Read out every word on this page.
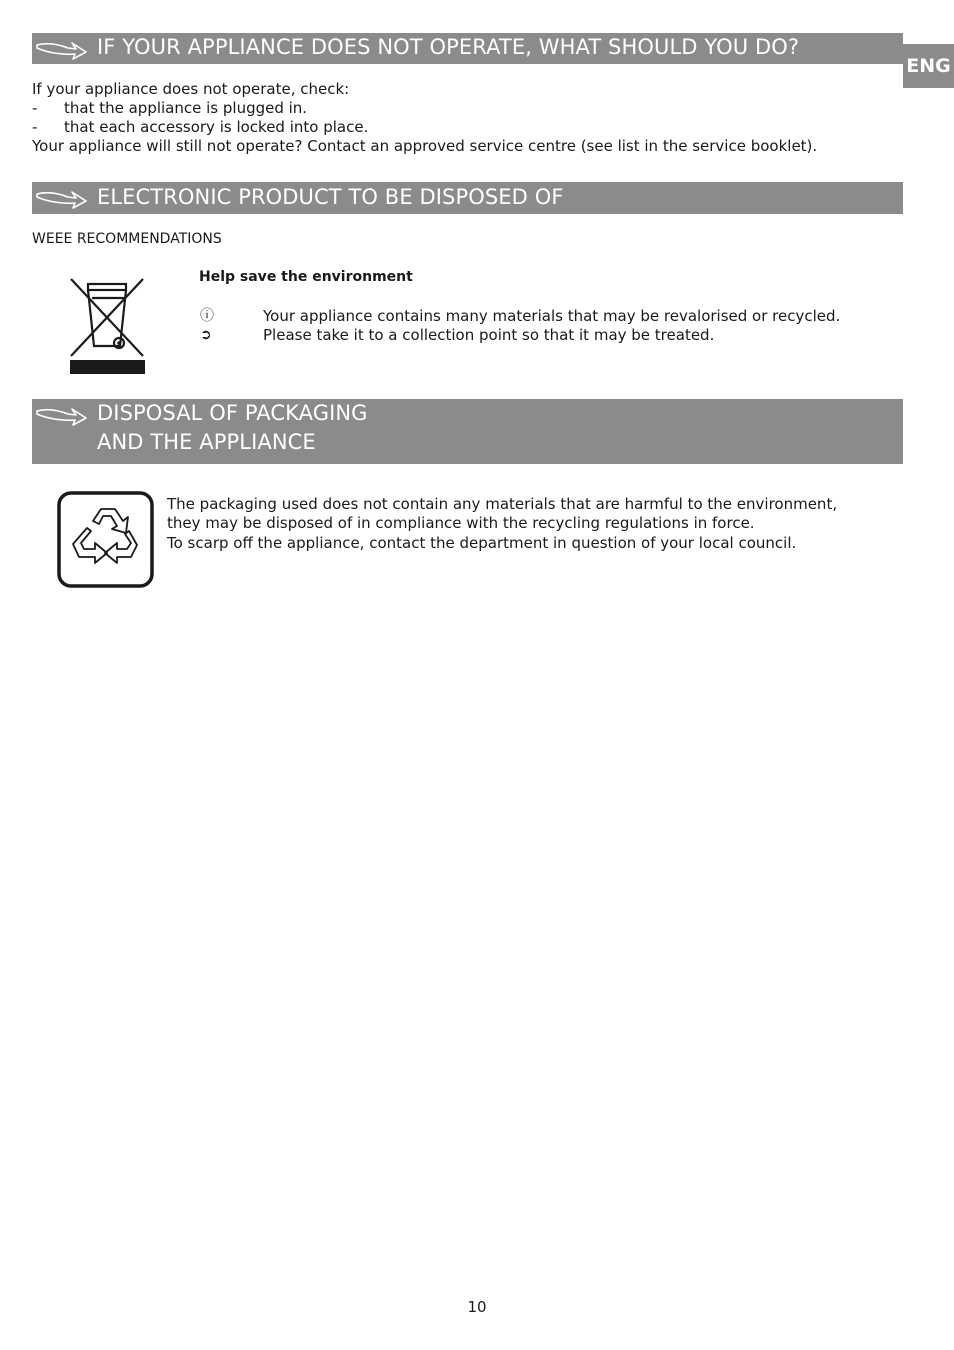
IF YOUR APPLIANCE DOES NOT OPERATE, WHAT SHOULD YOU DO?
ENG
If your appliance does not operate, check:
- that the appliance is plugged in.
- that each accessory is locked into place.
Your appliance will still not operate? Contact an approved service centre (see list in the service booklet).
ELECTRONIC PRODUCT TO BE DISPOSED OF
WEEE RECOMMENDATIONS
Help save the environment
ⓘ	Your appliance contains many materials that may be revalorised or recycled.
➲	Please take it to a collection point so that it may be treated.
DISPOSAL OF PACKAGING
AND THE APPLIANCE
The packaging used does not contain any materials that are harmful to the environment,
they may be disposed of in compliance with the recycling regulations in force.
To scarp off the appliance, contact the department in question of your local council.
10
